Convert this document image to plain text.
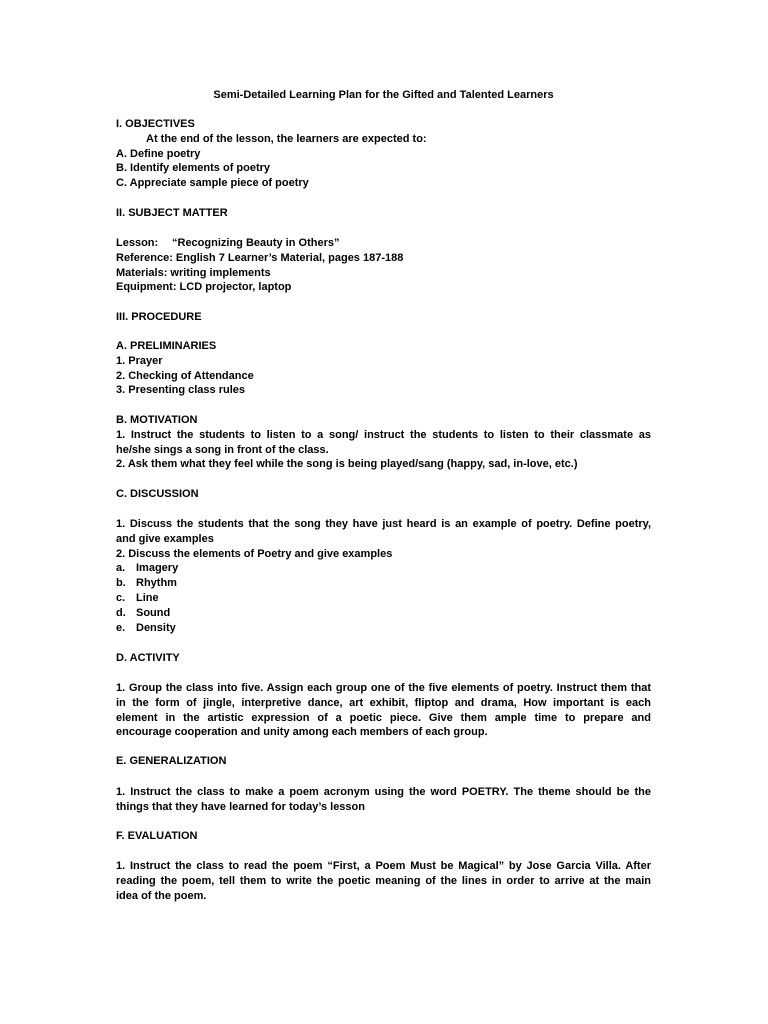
Semi-Detailed Learning Plan for the Gifted and Talented Learners
I. OBJECTIVES
At the end of the lesson, the learners are expected to:
A. Define poetry
B. Identify elements of poetry
C. Appreciate sample piece of poetry
II. SUBJECT MATTER
Lesson: “Recognizing Beauty in Others”
Reference: English 7 Learner’s Material, pages 187-188
Materials: writing implements
Equipment: LCD projector, laptop
III. PROCEDURE
A. PRELIMINARIES
1. Prayer
2. Checking of Attendance
3. Presenting class rules
B. MOTIVATION
1. Instruct the students to listen to a song/ instruct the students to listen to their classmate as
he/she sings a song in front of the class.
2. Ask them what they feel while the song is being played/sang (happy, sad, in-love, etc.)
C. DISCUSSION
1. Discuss the students that the song they have just heard is an example of poetry. Define poetry,
and give examples
2. Discuss the elements of Poetry and give examples
a. Imagery
b. Rhythm
c. Line
d. Sound
e. Density
D. ACTIVITY
1. Group the class into five. Assign each group one of the five elements of poetry. Instruct them that
in the form of jingle, interpretive dance, art exhibit, fliptop and drama, How important is each
element in the artistic expression of a poetic piece. Give them ample time to prepare and
encourage cooperation and unity among each members of each group.
E. GENERALIZATION
1. Instruct the class to make a poem acronym using the word POETRY. The theme should be the
things that they have learned for today’s lesson
F. EVALUATION
1. Instruct the class to read the poem “First, a Poem Must be Magical” by Jose Garcia Villa. After
reading the poem, tell them to write the poetic meaning of the lines in order to arrive at the main
idea of the poem.
